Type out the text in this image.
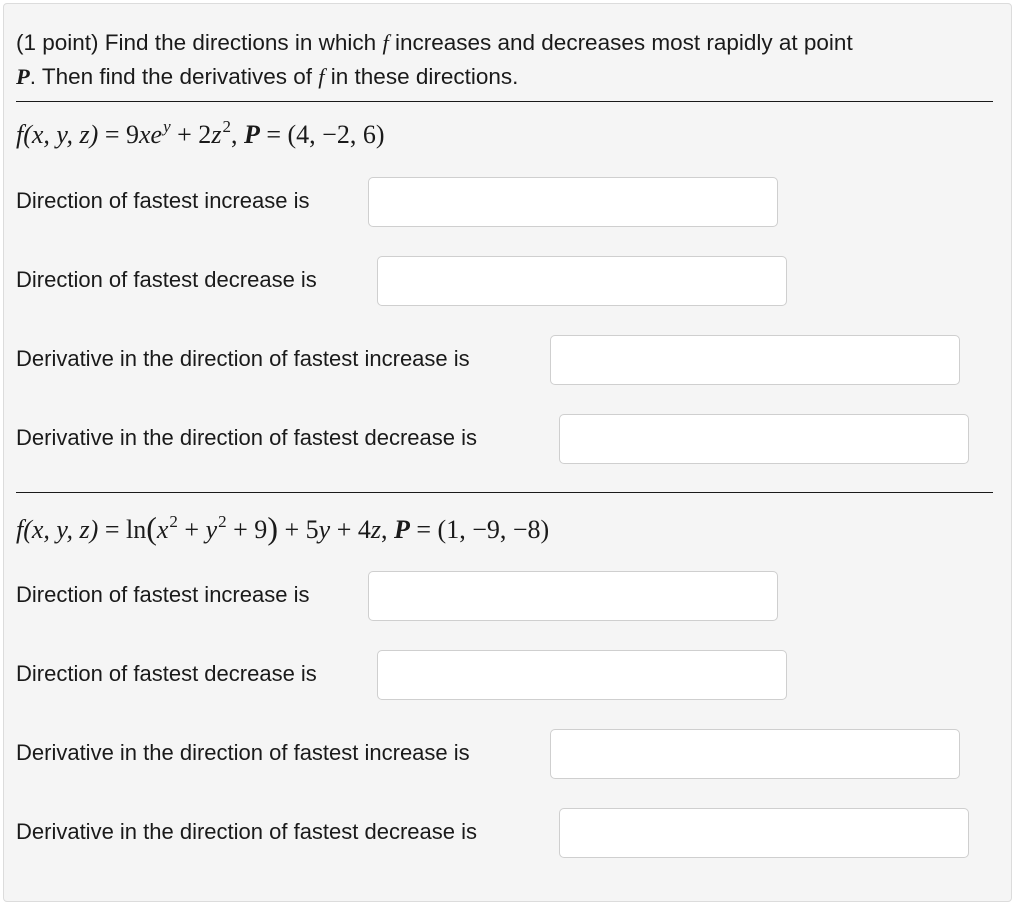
(1 point) Find the directions in which f increases and decreases most rapidly at point
P. Then find the derivatives of f in these directions.
f(x, y, $z) = 9xe^y + 2z^2$, P = (4, −2, 6)
Direction of fastest increase is
Direction of fastest decrease is
Derivative in the direction of fastest increase is
Derivative in the direction of fastest decrease is
f(x, y, $z) = \ln(x^2 + y^2 + 9) + 5y + 4z$, P = (1, −9, −8)
Direction of fastest increase is
Direction of fastest decrease is
Derivative in the direction of fastest increase is
Derivative in the direction of fastest decrease is
